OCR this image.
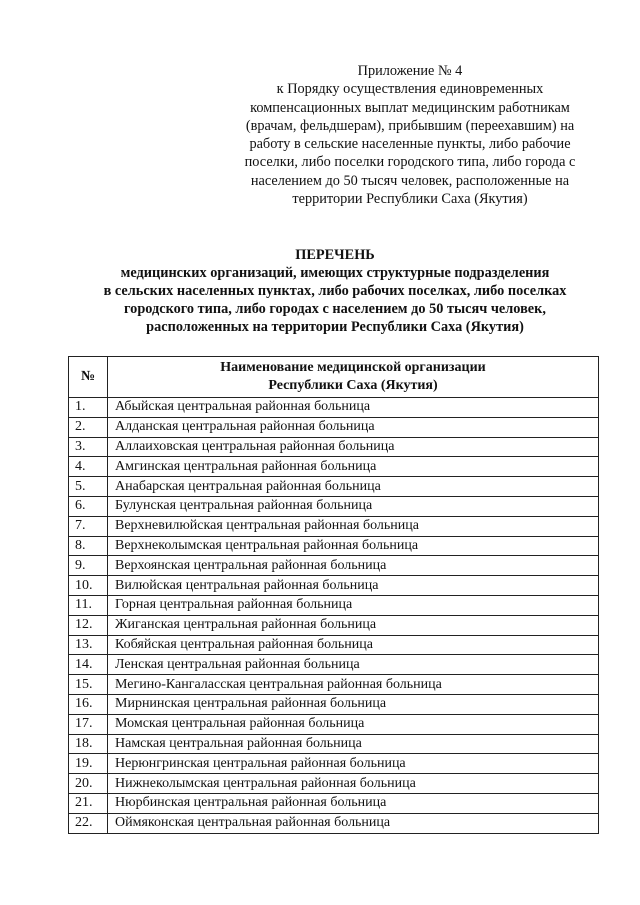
Приложение № 4
к Порядку осуществления единовременных
компенсационных выплат медицинским работникам
(врачам, фельдшерам), прибывшим (переехавшим) на
работу в сельские населенные пункты, либо рабочие
поселки, либо поселки городского типа, либо города с
населением до 50 тысяч человек, расположенные на
территории Республики Саха (Якутия)
ПЕРЕЧЕНЬ
медицинских организаций, имеющих структурные подразделения
в сельских населенных пунктах, либо рабочих поселках, либо поселках
городского типа, либо городах с населением до 50 тысяч человек,
расположенных на территории Республики Саха (Якутия)
№	Наименование медицинской организации
Республики Саха (Якутия)

1.	Абыйская центральная районная больница
2.	Алданская центральная районная больница
3.	Аллаиховская центральная районная больница
4.	Амгинская центральная районная больница
5.	Анабарская центральная районная больница
6.	Булунская центральная районная больница
7.	Верхневилюйская центральная районная больница
8.	Верхнеколымская центральная районная больница
9.	Верхоянская центральная районная больница
10.	Вилюйская центральная районная больница
11.	Горная центральная районная больница
12.	Жиганская центральная районная больница
13.	Кобяйская центральная районная больница
14.	Ленская центральная районная больница
15.	Мегино-Кангаласская центральная районная больница
16.	Мирнинская центральная районная больница
17.	Момская центральная районная больница
18.	Намская центральная районная больница
19.	Нерюнгринская центральная районная больница
20.	Нижнеколымская центральная районная больница
21.	Нюрбинская центральная районная больница
22.	Оймяконская центральная районная больница
